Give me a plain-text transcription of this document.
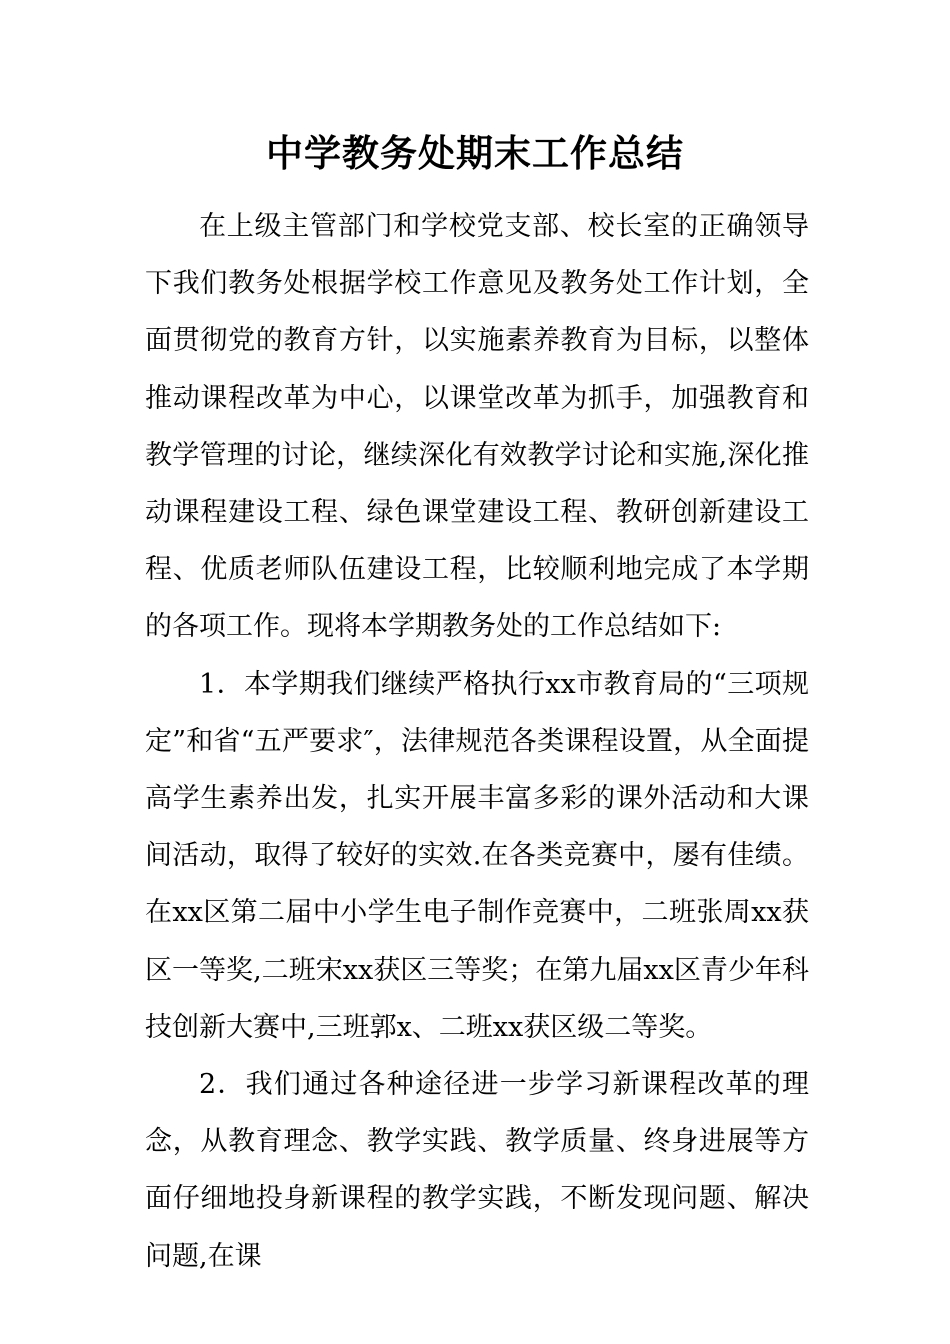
中学教务处期末工作总结

在上级主管部门和学校党支部、校长室的正确领导下我们教务处根据学校工作意见及教务处工作计划，全面贯彻党的教育方针，以实施素养教育为目标，以整体推动课程改革为中心，以课堂改革为抓手，加强教育和教学管理的讨论，继续深化有效教学讨论和实施,深化推动课程建设工程、绿色课堂建设工程、教研创新建设工程、优质老师队伍建设工程，比较顺利地完成了本学期的各项工作。现将本学期教务处的工作总结如下:

1．本学期我们继续严格执行xx市教育局的“三项规定”和省“五严要求″，法律规范各类课程设置，从全面提高学生素养出发，扎实开展丰富多彩的课外活动和大课间活动，取得了较好的实效.在各类竞赛中，屡有佳绩。在xx区第二届中小学生电子制作竞赛中，二班张周xx获区一等奖,二班宋xx获区三等奖；在第九届xx区青少年科技创新大赛中,三班郭x、二班xx获区级二等奖。

2．我们通过各种途径进一步学习新课程改革的理念，从教育理念、教学实践、教学质量、终身进展等方面仔细地投身新课程的教学实践，不断发现问题、解决问题,在课
